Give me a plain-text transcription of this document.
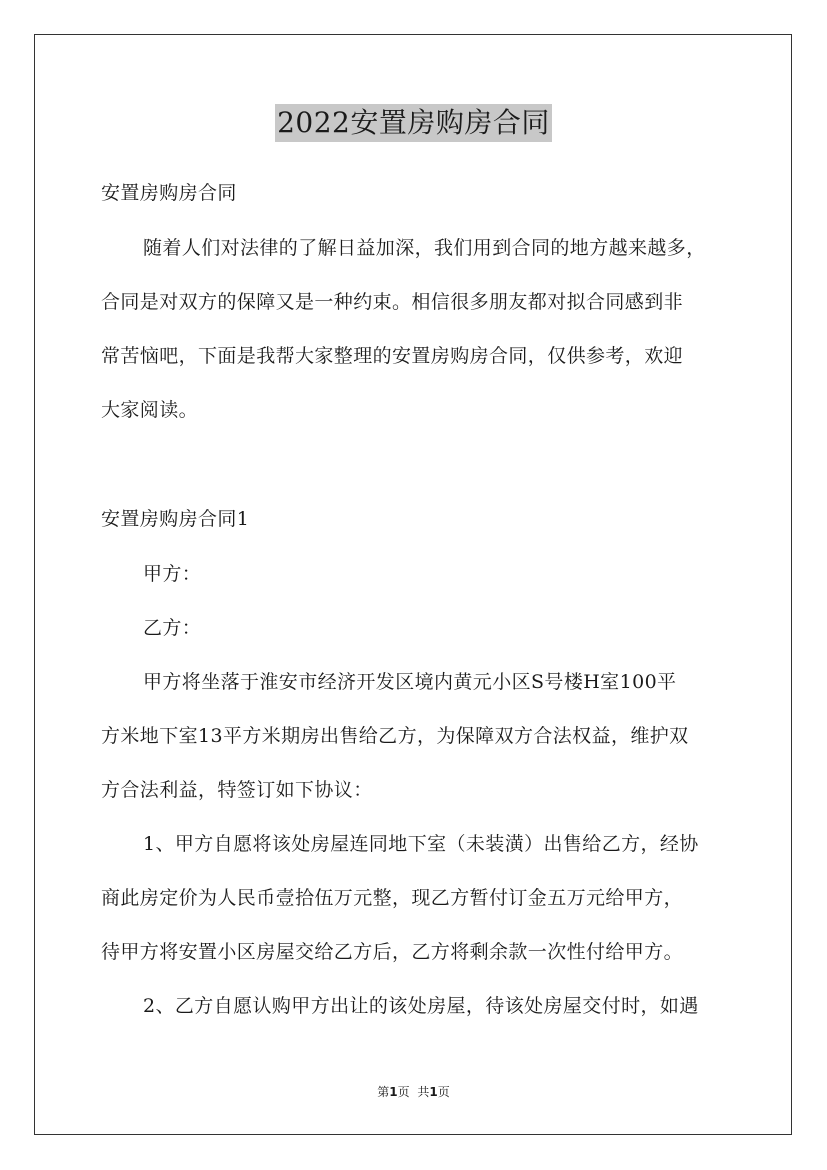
2022安置房购房合同
安置房购房合同
随着人们对法律的了解日益加深，我们用到合同的地方越来越多，
合同是对双方的保障又是一种约束。相信很多朋友都对拟合同感到非
常苦恼吧，下面是我帮大家整理的安置房购房合同，仅供参考，欢迎
大家阅读。
安置房购房合同1
甲方：
乙方：
甲方将坐落于淮安市经济开发区境内黄元小区S号楼H室100平
方米地下室13平方米期房出售给乙方，为保障双方合法权益，维护双
方合法利益，特签订如下协议：
1、甲方自愿将该处房屋连同地下室（未装潢）出售给乙方，经协
商此房定价为人民币壹拾伍万元整，现乙方暂付订金五万元给甲方，
待甲方将安置小区房屋交给乙方后，乙方将剩余款一次性付给甲方。
2、乙方自愿认购甲方出让的该处房屋，待该处房屋交付时，如遇
第1页 共1页
